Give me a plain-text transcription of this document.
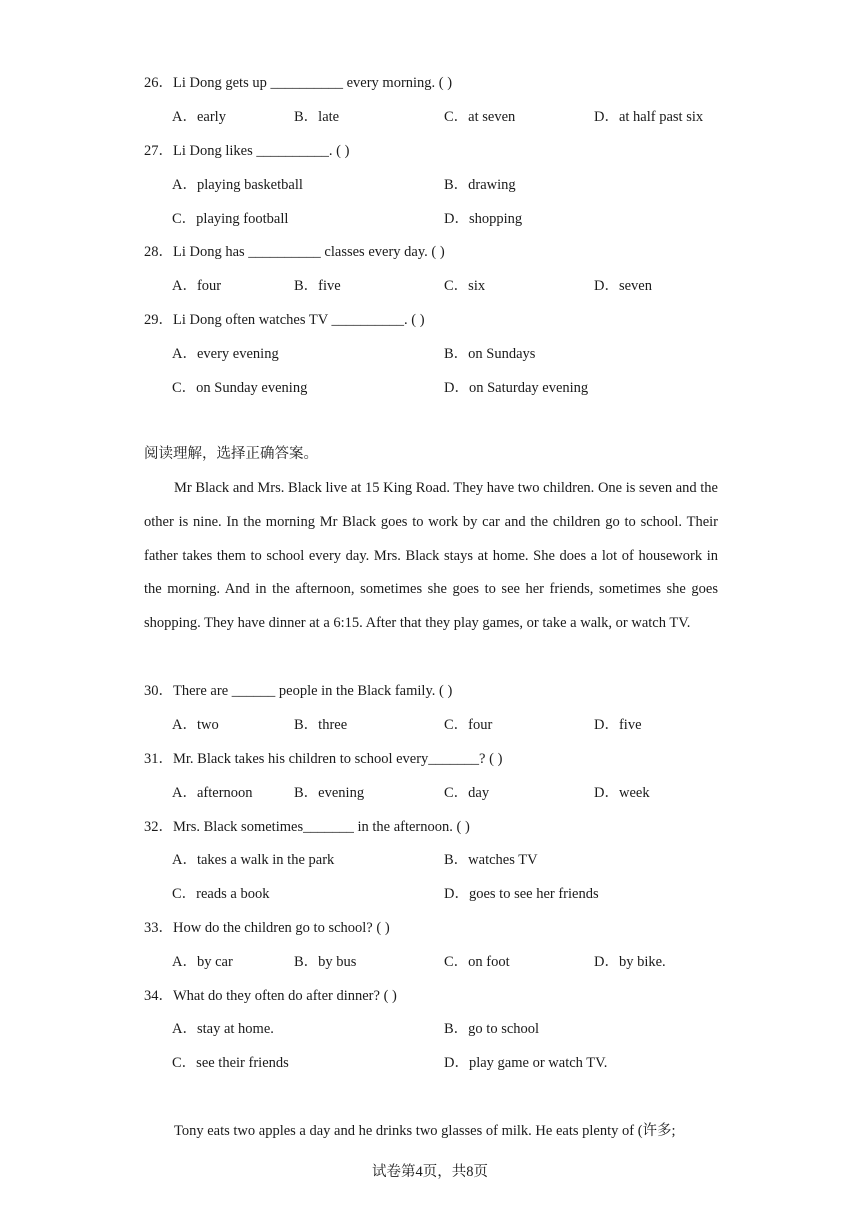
26．Li Dong gets up __________ every morning. ( )
A．early	B．late	C．at seven	D．at half past six
27．Li Dong likes __________. ( )
A．playing basketball	B．drawing
C．playing football	D．shopping
28．Li Dong has __________ classes every day. ( )
A．four	B．five	C．six	D．seven
29．Li Dong often watches TV __________. ( )
A．every evening	B．on Sundays
C．on Sunday evening	D．on Saturday evening
阅读理解，选择正确答案。

Mr Black and Mrs. Black live at 15 King Road. They have two children. One is seven and the other is nine. In the morning Mr Black goes to work by car and the children go to school. Their father takes them to school every day. Mrs. Black stays at home. She does a lot of housework in the morning. And in the afternoon, sometimes she goes to see her friends, sometimes she goes shopping. They have dinner at a 6:15. After that they play games, or take a walk, or watch TV.

30．There are ______ people in the Black family. ( )
A．two	B．three	C．four	D．five
31．Mr. Black takes his children to school every_______? ( )
A．afternoon	B．evening	C．day	D．week
32．Mrs. Black sometimes_______ in the afternoon. ( )
A．takes a walk in the park	B．watches TV
C．reads a book	D．goes to see her friends
33．How do the children go to school? ( )
A．by car	B．by bus	C．on foot	D．by bike.
34．What do they often do after dinner? ( )
A．stay at home.	B．go to school
C．see their friends	D．play game or watch TV.
Tony eats two apples a day and he drinks two glasses of milk. He eats plenty of (许多;
试卷第4页，共8页
